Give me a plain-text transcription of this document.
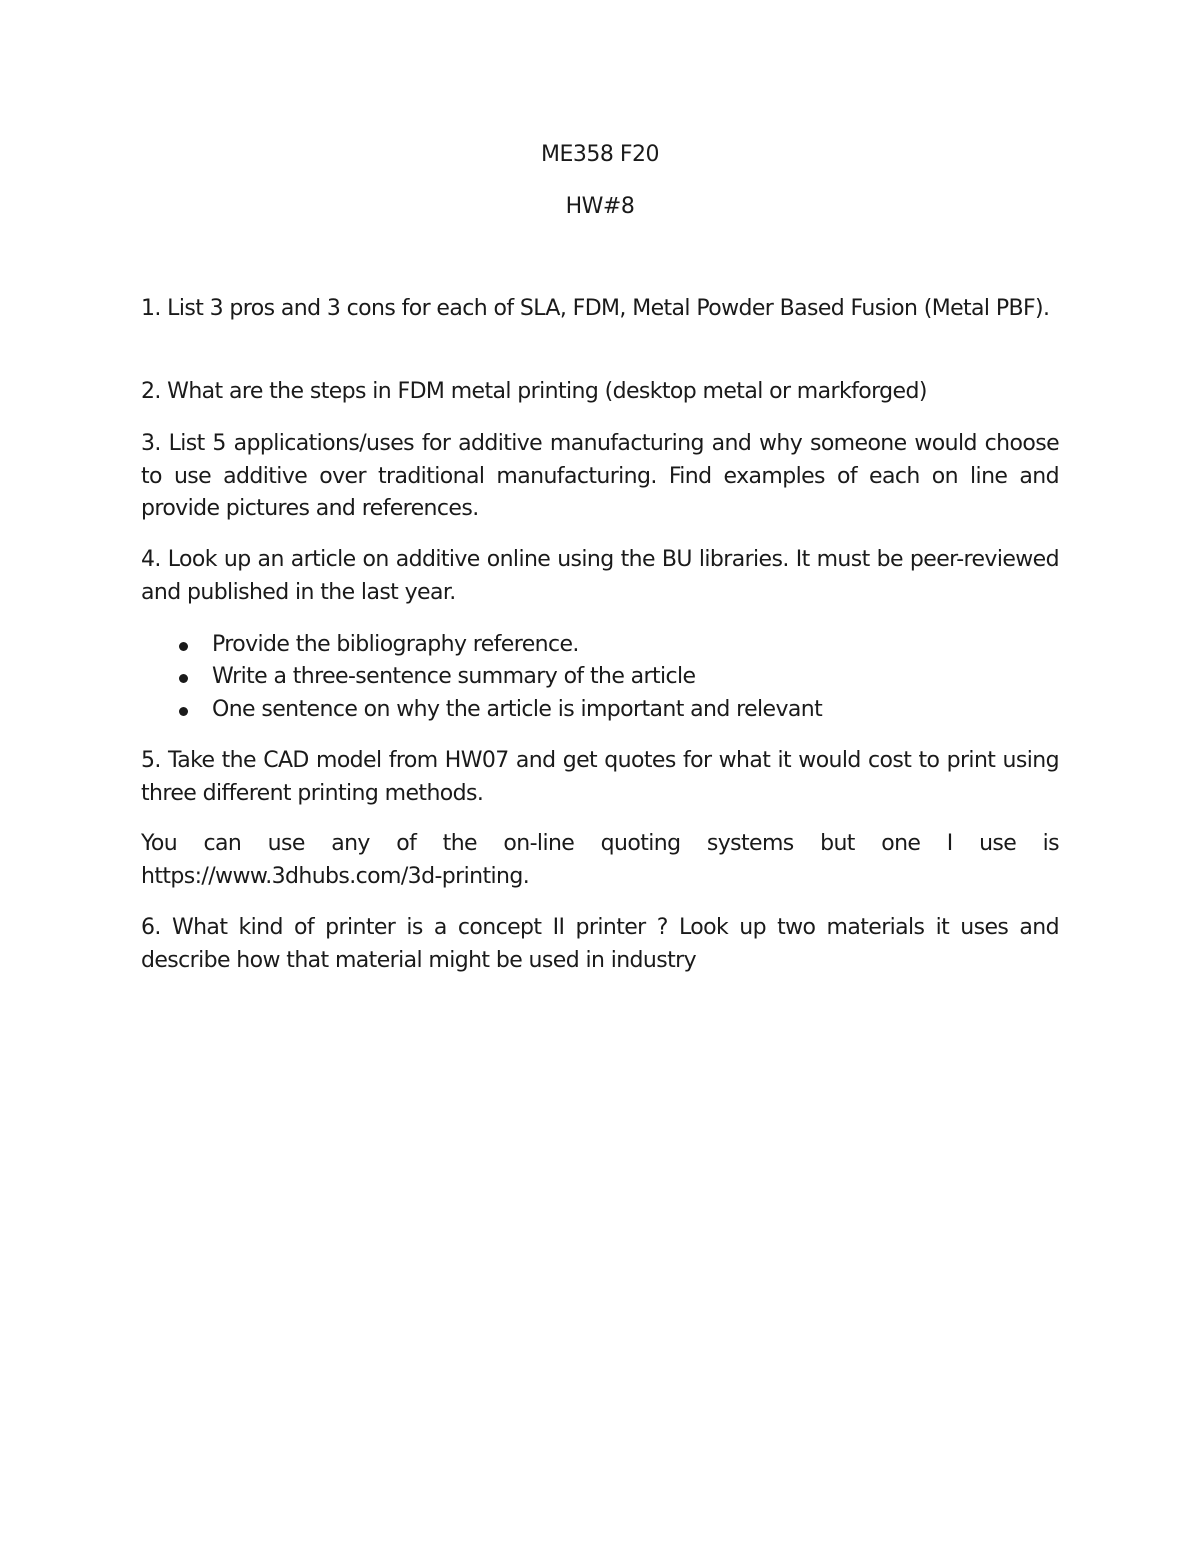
ME358 F20
HW#8

1. List 3 pros and 3 cons for each of SLA, FDM, Metal Powder Based Fusion (Metal PBF).

2. What are the steps in FDM metal printing (desktop metal or markforged)

3. List 5 applications/uses for additive manufacturing and why someone would choose to use additive over traditional manufacturing. Find examples of each on line and provide pictures and references.

4. Look up an article on additive online using the BU libraries. It must be peer-reviewed and published in the last year.

Provide the bibliography reference.
Write a three-sentence summary of the article
One sentence on why the article is important and relevant

5. Take the CAD model from HW07 and get quotes for what it would cost to print using three different printing methods.

You can use any of the on-line quoting systems but one I use is https://www.3dhubs.com/3d-printing.

6. What kind of printer is a concept II printer ? Look up two materials it uses and describe how that material might be used in industry
